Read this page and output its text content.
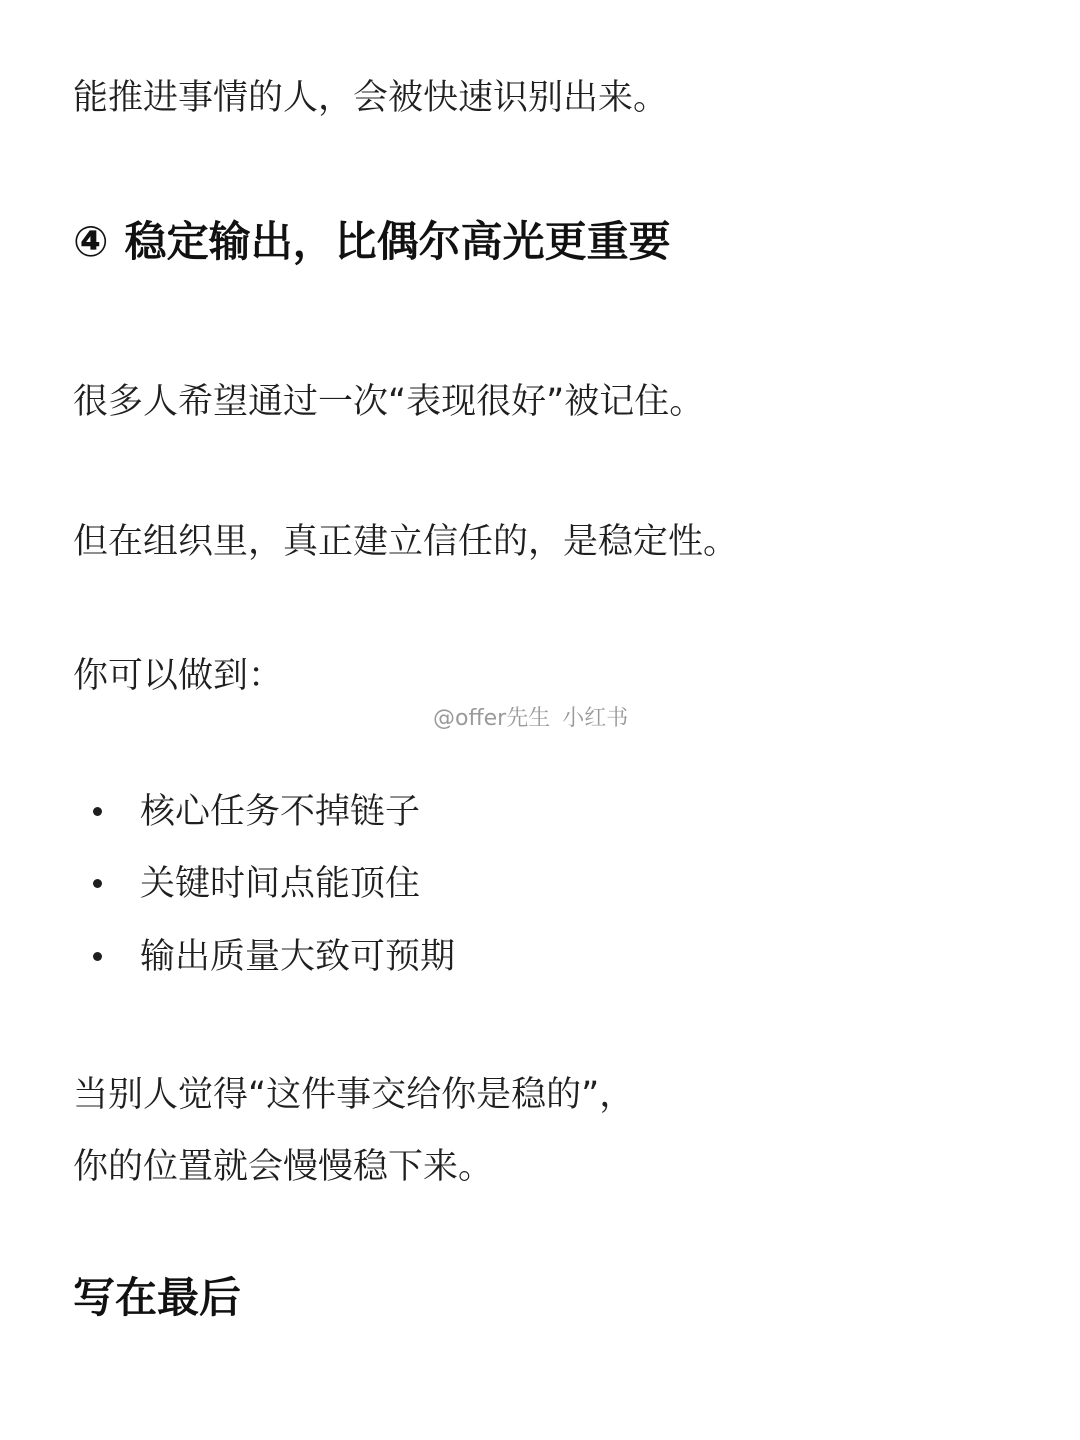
能推进事情的人，会被快速识别出来。
④ 稳定输出，比偶尔高光更重要
很多人希望通过一次“表现很好”被记住。
但在组织里，真正建立信任的，是稳定性。
你可以做到：
@offer先生 小红书
核心任务不掉链子
关键时间点能顶住
输出质量大致可预期
当别人觉得“这件事交给你是稳的”，
你的位置就会慢慢稳下来。
写在最后
